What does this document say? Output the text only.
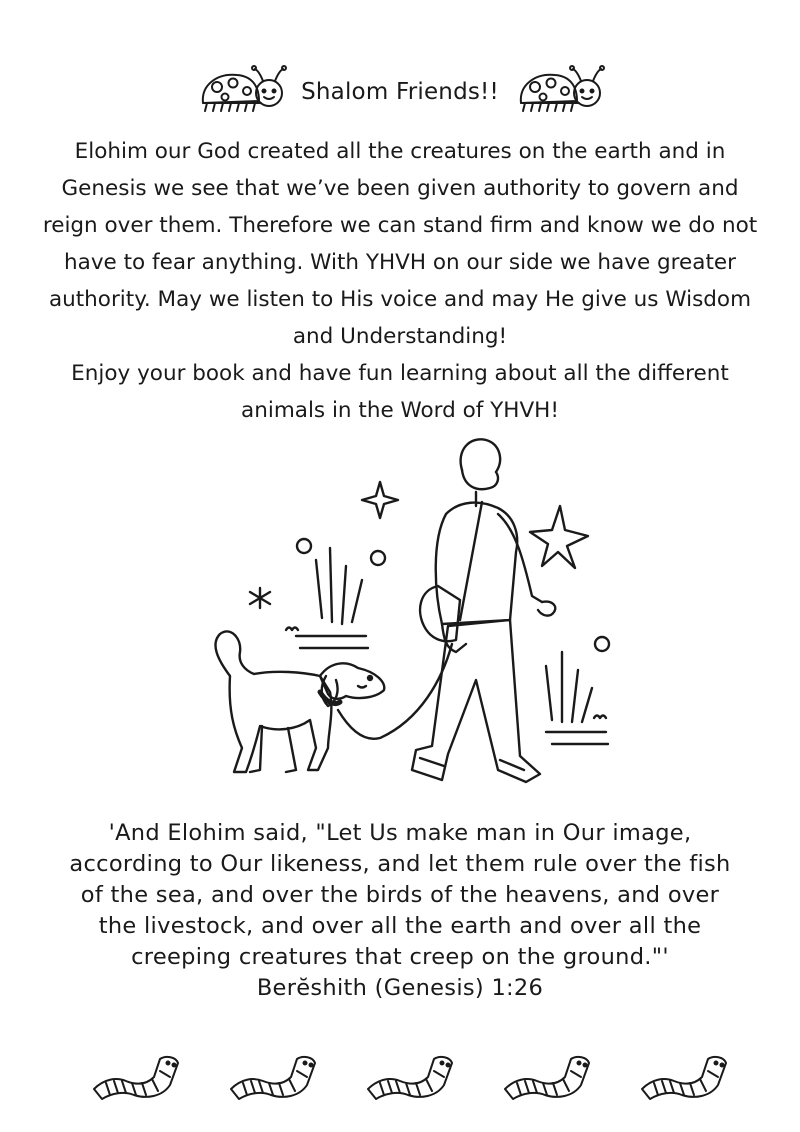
Shalom Friends!!

Elohim our God created all the creatures on the earth and in Genesis we see that we’ve been given authority to govern and reign over them. Therefore we can stand firm and know we do not have to fear anything. With YHVH on our side we have greater authority. May we listen to His voice and may He give us Wisdom and Understanding!

Enjoy your book and have fun learning about all the different animals in the Word of YHVH!

'And Elohim said, "Let Us make man in Our image, according to Our likeness, and let them rule over the fish of the sea, and over the birds of the heavens, and over the livestock, and over all the earth and over all the creeping creatures that creep on the ground."'

Berĕshith (Genesis) 1:26
